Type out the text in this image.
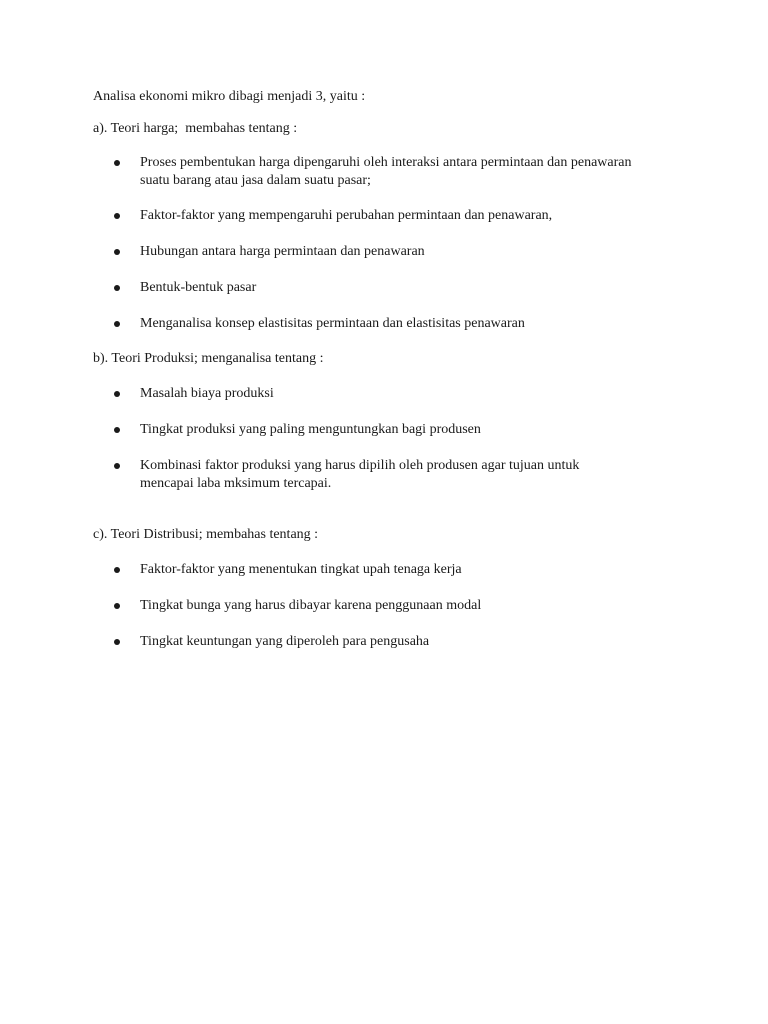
Analisa ekonomi mikro dibagi menjadi 3, yaitu :

a). Teori harga;  membahas tentang :

Proses pembentukan harga dipengaruhi oleh interaksi antara permintaan dan penawaran suatu barang atau jasa dalam suatu pasar;
Faktor-faktor yang mempengaruhi perubahan permintaan dan penawaran,
Hubungan antara harga permintaan dan penawaran
Bentuk-bentuk pasar
Menganalisa konsep elastisitas permintaan dan elastisitas penawaran

b). Teori Produksi; menganalisa tentang :

Masalah biaya produksi
Tingkat produksi yang paling menguntungkan bagi produsen
Kombinasi faktor produksi yang harus dipilih oleh produsen agar tujuan untuk mencapai laba mksimum tercapai.

c). Teori Distribusi; membahas tentang :

Faktor-faktor yang menentukan tingkat upah tenaga kerja
Tingkat bunga yang harus dibayar karena penggunaan modal
Tingkat keuntungan yang diperoleh para pengusaha
